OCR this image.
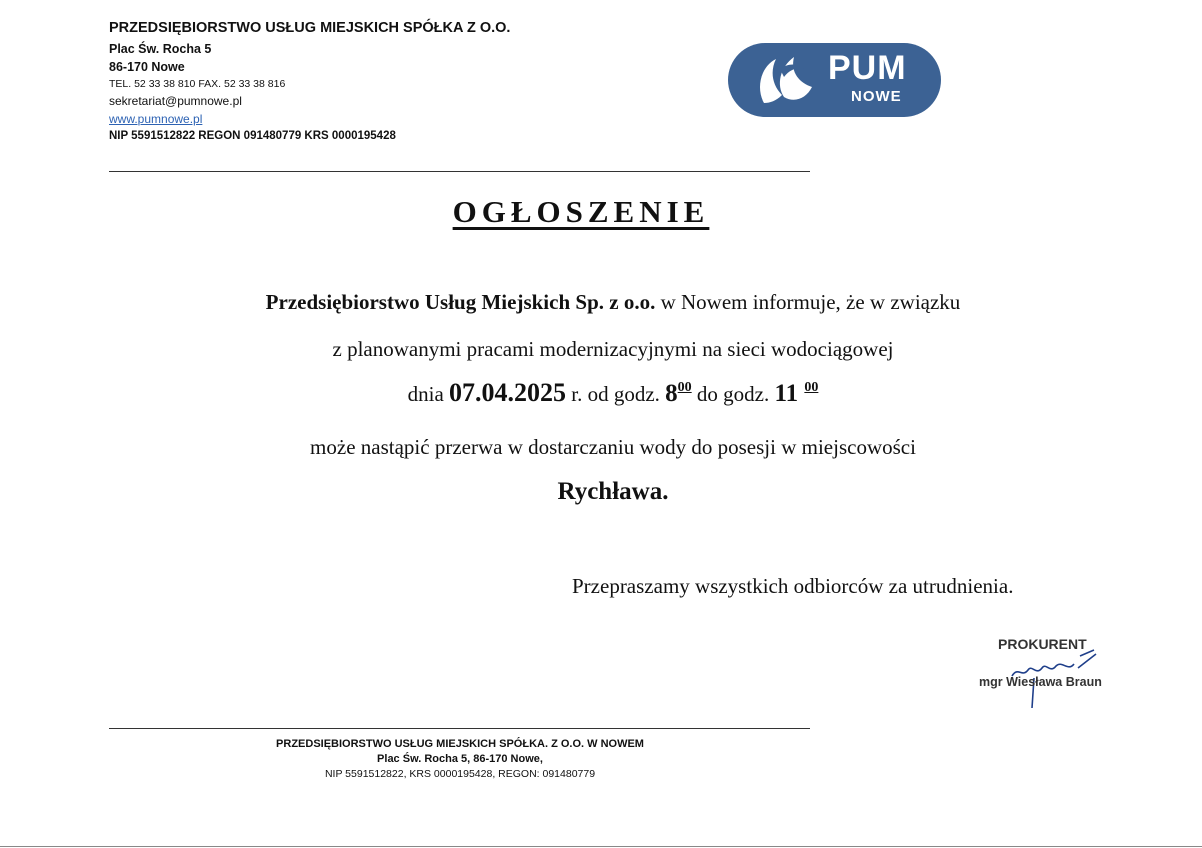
PRZEDSIĘBIORSTWO USŁUG MIEJSKICH SPÓŁKA Z O.O.
Plac Św. Rocha 5
86-170 Nowe
TEL. 52 33 38 810 FAX. 52 33 38 816
sekretariat@pumnowe.pl
www.pumnowe.pl
NIP 5591512822 REGON 091480779 KRS 0000195428
PUM
NOWE
OGŁOSZENIE
Przedsiębiorstwo Usług Miejskich Sp. z o.o. w Nowem informuje, że w związku
z planowanymi pracami modernizacyjnymi na sieci wodociągowej
dnia 07.04.2025 r. od godz. $8^{00}$ do godz. 11 $^{00}$
może nastąpić przerwa w dostarczaniu wody do posesji w miejscowości
Rychława.
Przepraszamy wszystkich odbiorców za utrudnienia.
PROKURENT
mgr Wiesława Braun
PRZEDSIĘBIORSTWO USŁUG MIEJSKICH SPÓŁKA. Z O.O. W NOWEM
Plac Św. Rocha 5, 86-170 Nowe,
NIP 5591512822, KRS 0000195428, REGON: 091480779
